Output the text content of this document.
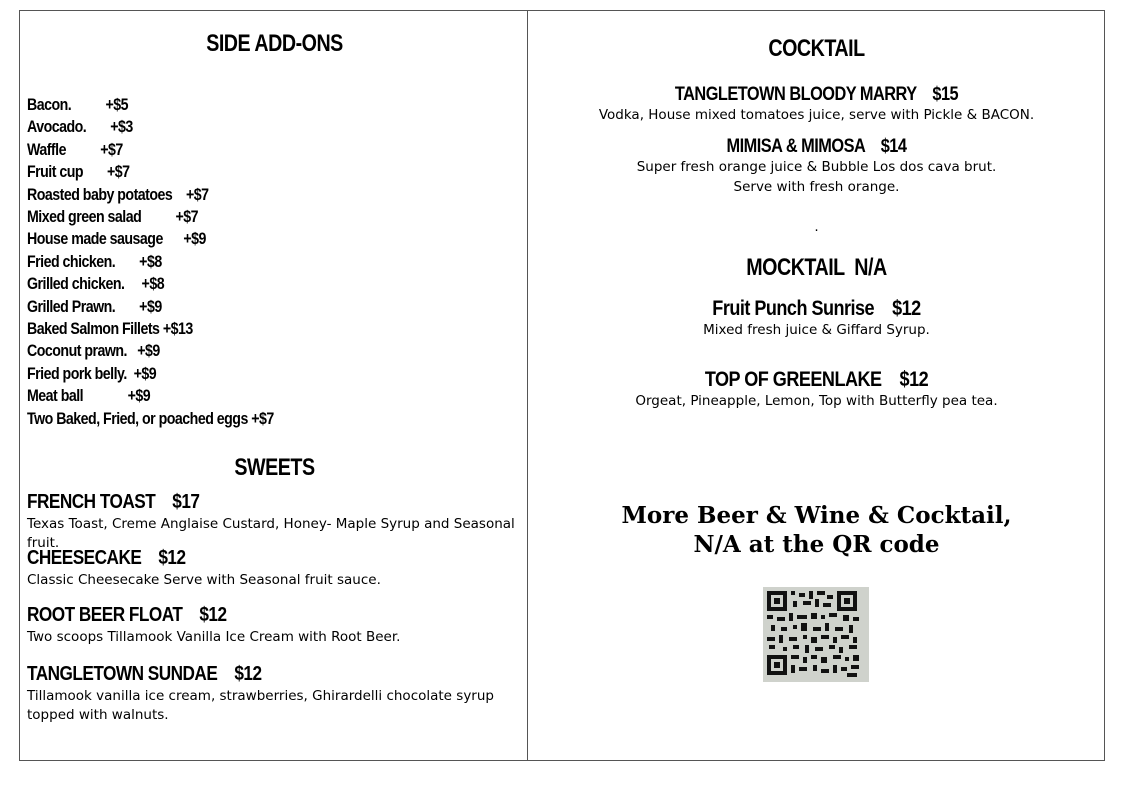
SIDE ADD-ONS
Bacon.          +$5
Avocado.       +$3
Waffle          +$7
Fruit cup       +$7
Roasted baby potatoes    +$7
Mixed green salad          +$7
House made sausage      +$9
Fried chicken.       +$8
Grilled chicken.     +$8
Grilled Prawn.       +$9
Baked Salmon Fillets +$13
Coconut prawn.   +$9
Fried pork belly.  +$9
Meat ball             +$9
Two Baked, Fried, or poached eggs +$7
SWEETS
FRENCH TOAST    $17
Texas Toast, Creme Anglaise Custard, Honey- Maple Syrup and Seasonal fruit.
CHEESECAKE    $12
Classic Cheesecake Serve with Seasonal fruit sauce.
ROOT BEER FLOAT    $12
Two scoops Tillamook Vanilla Ice Cream with Root Beer.
TANGLETOWN SUNDAE    $12
Tillamook vanilla ice cream, strawberries, Ghirardelli chocolate syrup topped with walnuts.
COCKTAIL
TANGLETOWN BLOODY MARRY    $15
Vodka, House mixed tomatoes juice, serve with Pickle & BACON.
MIMISA & MIMOSA    $14
Super fresh orange juice & Bubble Los dos cava brut.
Serve with fresh orange.
.
MOCKTAIL  N/A
Fruit Punch Sunrise    $12
Mixed fresh juice & Giffard Syrup.
TOP OF GREENLAKE    $12
Orgeat, Pineapple, Lemon, Top with Butterfly pea tea.
More Beer & Wine & Cocktail,
N/A at the QR code
